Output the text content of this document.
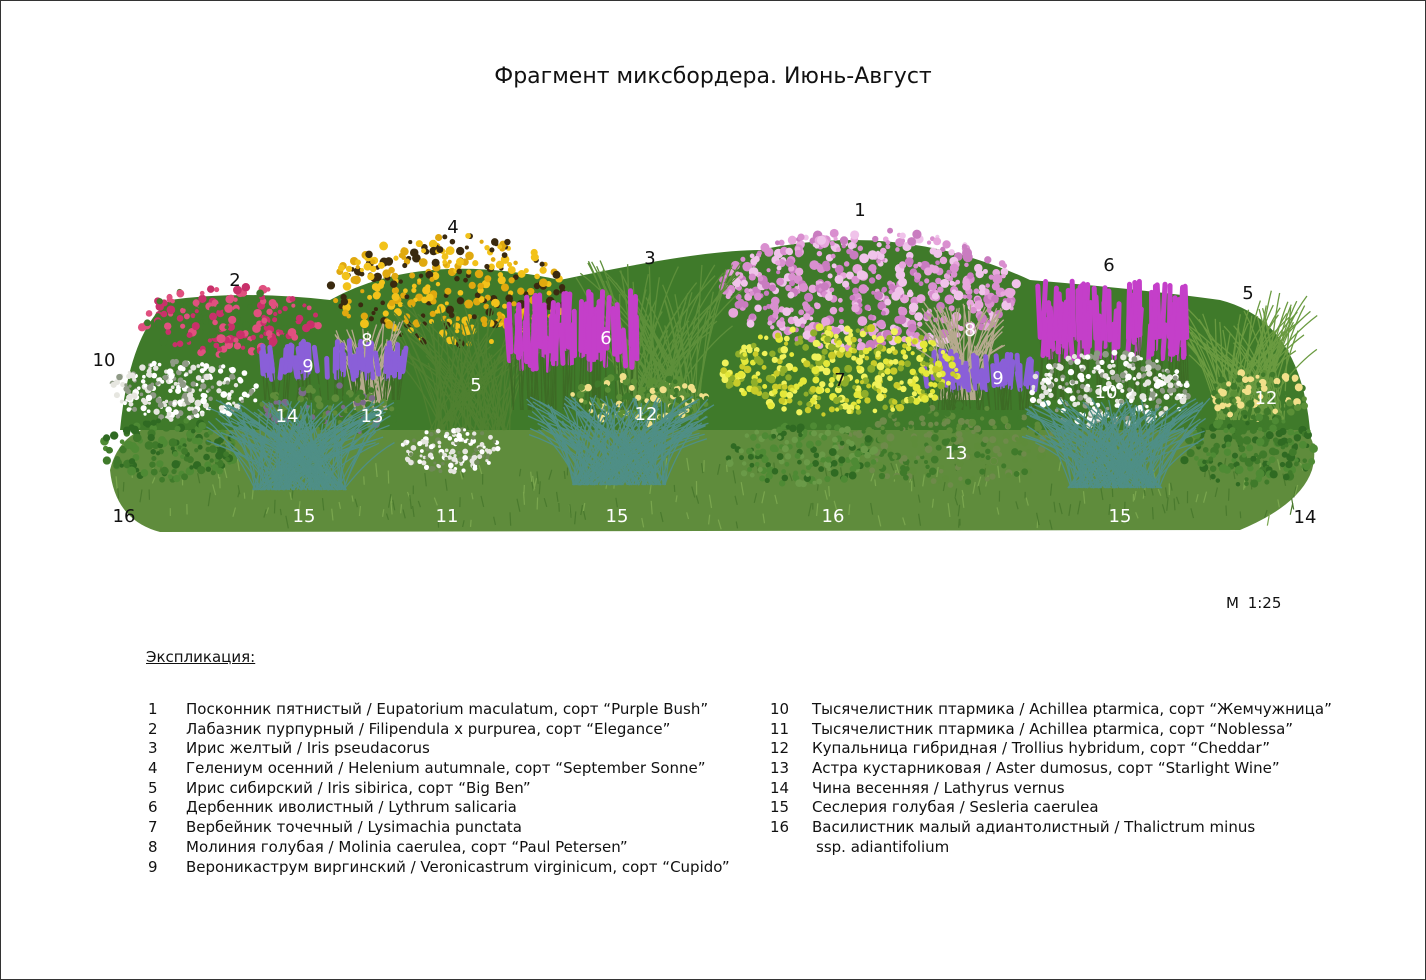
Фрагмент миксбордера. Июнь-Август
1
2
3
4
5
6
10
8	8
6
9
5	7	9
10	12
14	13	12
13
16	15	11	15	16	15	14
М 1:25
Экспликация:
1 Посконник пятнистый / Eupatorium maculatum, сорт “Purple Bush”
2 Лабазник пурпурный / Filipendula x purpurea, сорт “Elegance”
3 Ирис желтый / Iris pseudacorus
4 Гелениум осенний / Helenium autumnale, сорт “September Sonne”
5 Ирис сибирский / Iris sibirica, сорт “Big Ben”
6 Дербенник иволистный / Lythrum salicaria
7 Вербейник точечный / Lysimachia punctata
8 Молиния голубая / Molinia caerulea, сорт “Paul Petersen”
9 Вероникаструм виргинский / Veronicastrum virginicum, сорт “Cupido”
10 Тысячелистник птармика / Achillea ptarmica, сорт “Жемчужница”
11 Тысячелистник птармика / Achillea ptarmica, сорт “Noblessa”
12 Купальница гибридная / Trollius hybridum, сорт “Cheddar”
13 Астра кустарниковая / Aster dumosus, сорт “Starlight Wine”
14 Чина весенняя / Lathyrus vernus
15 Сеслерия голубая / Sesleria caerulea
16 Василистник малый адиантолистный / Thalictrum minus
ssp. adiantifolium
